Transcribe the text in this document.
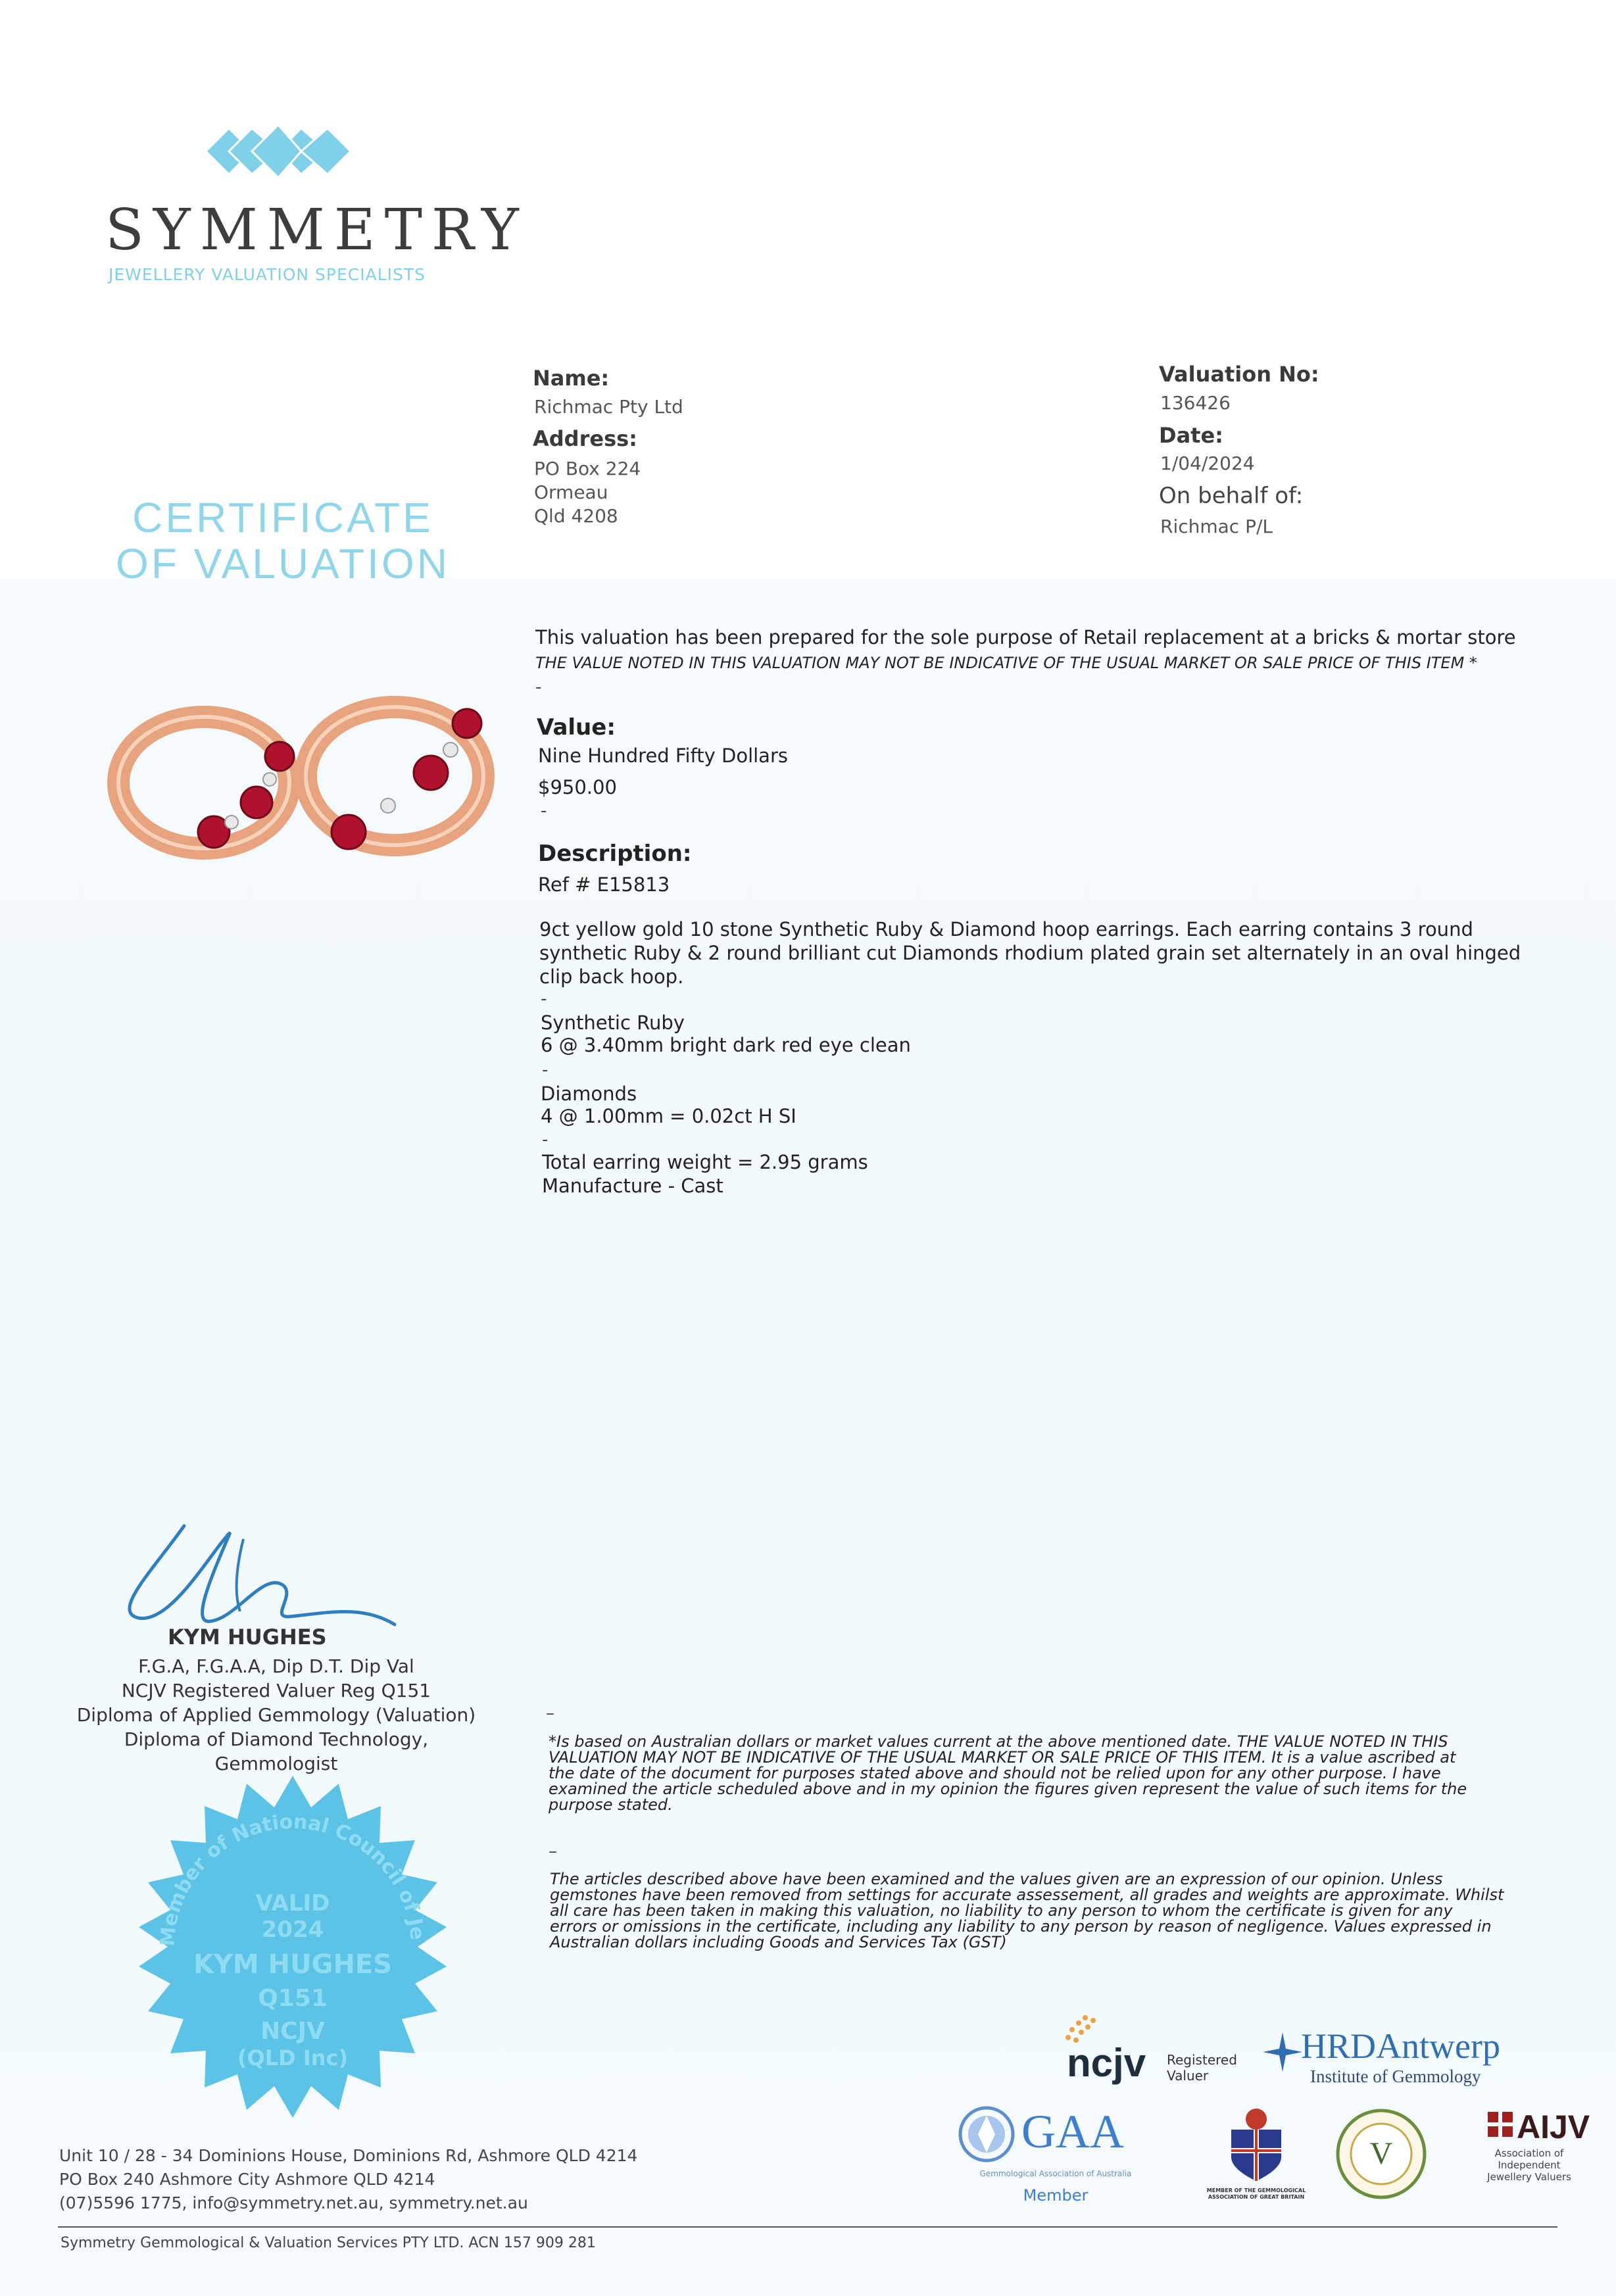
SYMMETRY
JEWELLERY VALUATION SPECIALISTS
CERTIFICATE
OF VALUATION
Name:
Richmac Pty Ltd
Address:
PO Box 224
Ormeau
Qld 4208
Valuation No:
136426
Date:
1/04/2024
On behalf of:
Richmac P/L
This valuation has been prepared for the sole purpose of Retail replacement at a bricks & mortar store
THE VALUE NOTED IN THIS VALUATION MAY NOT BE INDICATIVE OF THE USUAL MARKET OR SALE PRICE OF THIS ITEM *
-
Value:
Nine Hundred Fifty Dollars
$950.00
-
Description:
Ref # E15813
9ct yellow gold 10 stone Synthetic Ruby & Diamond hoop earrings. Each earring contains 3 round
synthetic Ruby & 2 round brilliant cut Diamonds rhodium plated grain set alternately in an oval hinged
clip back hoop.
-
Synthetic Ruby
6 @ 3.40mm bright dark red eye clean
-
Diamonds
4 @ 1.00mm = 0.02ct H SI
-
Total earring weight = 2.95 grams
Manufacture - Cast
KYM HUGHES
F.G.A, F.G.A.A, Dip D.T. Dip Val
NCJV Registered Valuer Reg Q151
Diploma of Applied Gemmology (Valuation)
Diploma of Diamond Technology,
Gemmologist
Member of National Council of Je
VALID
2024
KYM HUGHES
Q151
NCJV
(QLD Inc)
–
*Is based on Australian dollars or market values current at the above mentioned date. THE VALUE NOTED IN THIS
VALUATION MAY NOT BE INDICATIVE OF THE USUAL MARKET OR SALE PRICE OF THIS ITEM. It is a value ascribed at
the date of the document for purposes stated above and should not be relied upon for any other purpose. I have
examined the article scheduled above and in my opinion the figures given represent the value of such items for the
purpose stated.
–
The articles described above have been examined and the values given are an expression of our opinion. Unless
gemstones have been removed from settings for accurate assessement, all grades and weights are approximate. Whilst
all care has been taken in making this valuation, no liability to any person to whom the certificate is given for any
errors or omissions in the certificate, including any liability to any person by reason of negligence. Values expressed in
Australian dollars including Goods and Services Tax (GST)
ncjv Registered
Valuer
HRDAntwerp
Institute of Gemmology
GAA
Gemmological Association of Australia
Member	MEMBER OF THE GEMMOLOGICAL ASSOCIATION OF GREAT BRITAIN
V
AIJV
Association of
Independent
Jewellery Valuers
Unit 10 / 28 - 34 Dominions House, Dominions Rd, Ashmore QLD 4214
PO Box 240 Ashmore City Ashmore QLD 4214
(07)5596 1775, info@symmetry.net.au, symmetry.net.au
Symmetry Gemmological & Valuation Services PTY LTD. ACN 157 909 281
